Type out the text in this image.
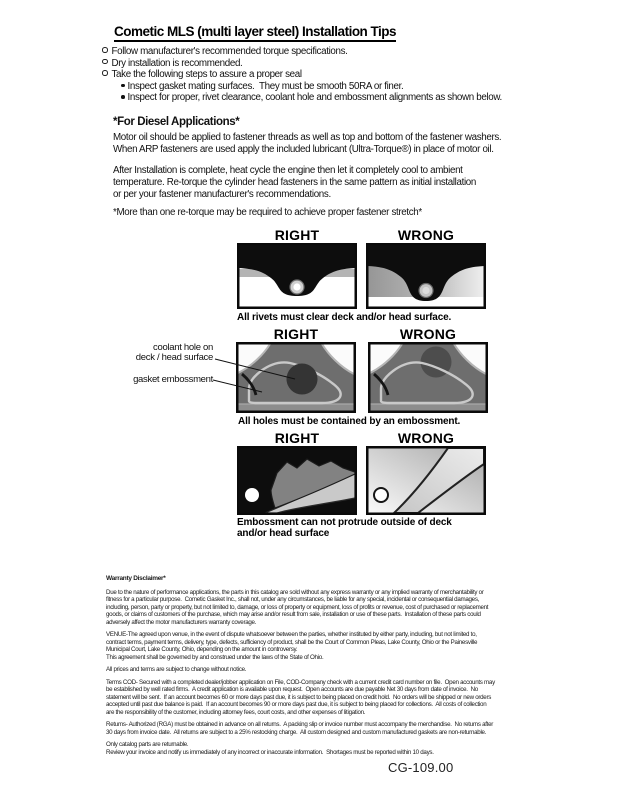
Cometic MLS (multi layer steel) Installation Tips
Follow manufacturer's recommended torque specifications.
Dry installation is recommended.
Take the following steps to assure a proper seal
Inspect gasket mating surfaces.  They must be smooth 50RA or finer.
Inspect for proper, rivet clearance, coolant hole and embossment alignments as shown below.
*For Diesel Applications*
Motor oil should be applied to fastener threads as well as top and bottom of the fastener washers.
When ARP fasteners are used apply the included lubricant (Ultra-Torque®) in place of motor oil.
After Installation is complete, heat cycle the engine then let it completely cool to ambient
temperature. Re-torque the cylinder head fasteners in the same pattern as initial installation
or per your fastener manufacturer's recommendations.
*More than one re-torque may be required to achieve proper fastener stretch*
RIGHT	WRONG
All rivets must clear deck and/or head surface.
coolant hole on
deck / head surface
gasket embossment
RIGHT	WRONG
All holes must be contained by an embossment.
RIGHT	WRONG
Embossment can not protrude outside of deck
and/or head surface
Warranty Disclaimer*
Due to the nature of performance applications, the parts in this catalog are sold without any express warranty or any implied warranty of merchantability or
fitness for a particular purpose.  Cometic Gasket Inc., shall not, under any circumstances, be liable for any special, incidental or consequential damages,
including, person, party or property, but not limited to, damage, or loss of property or equipment, loss of profits or revenue, cost of purchased or replacement
goods, or claims of customers of the purchase, which may arise and/or result from sale, installation or use of these parts.  Installation of these parts could
adversely affect the motor manufacturers warranty coverage.
VENUE-The agreed upon venue, in the event of dispute whatsoever between the parties, whether instituted by either party, including, but not limited to,
contract terms, payment terms, delivery, type, defects, sufficiency of product, shall be the Court of Common Pleas, Lake County, Ohio or the Painesville
Municipal Court, Lake County, Ohio, depending on the amount in controversy.
This agreement shall be governed by and construed under the laws of the State of Ohio.
All prices and terms are subject to change without notice.
Terms COD- Secured with a completed dealer/jobber application on File, COD-Company check with a current credit card number on file.  Open accounts may
be established by well rated firms.  A credit application is available upon request.  Open accounts are due payable Net 30 days from date of invoice.  No
statement will be sent.  If an account becomes 60 or more days past due, it is subject to being placed on credit hold.  No orders will be shipped or new orders
accepted until past due balance is paid.  If an account becomes 90 or more days past due, it is subject to being placed for collections.  All costs of collection
are the responsibility of the customer, including attorney fees, court costs, and other expenses of litigation.
Returns- Authorized (RGA) must be obtained in advance on all returns.  A packing slip or invoice number must accompany the merchandise.  No returns after
30 days from invoice date.  All returns are subject to a 25% restocking charge.  All custom designed and custom manufactured gaskets are non-returnable.
Only catalog parts are returnable.
Review your invoice and notify us immediately of any incorrect or inaccurate information.  Shortages must be reported within 10 days.
CG-109.00
